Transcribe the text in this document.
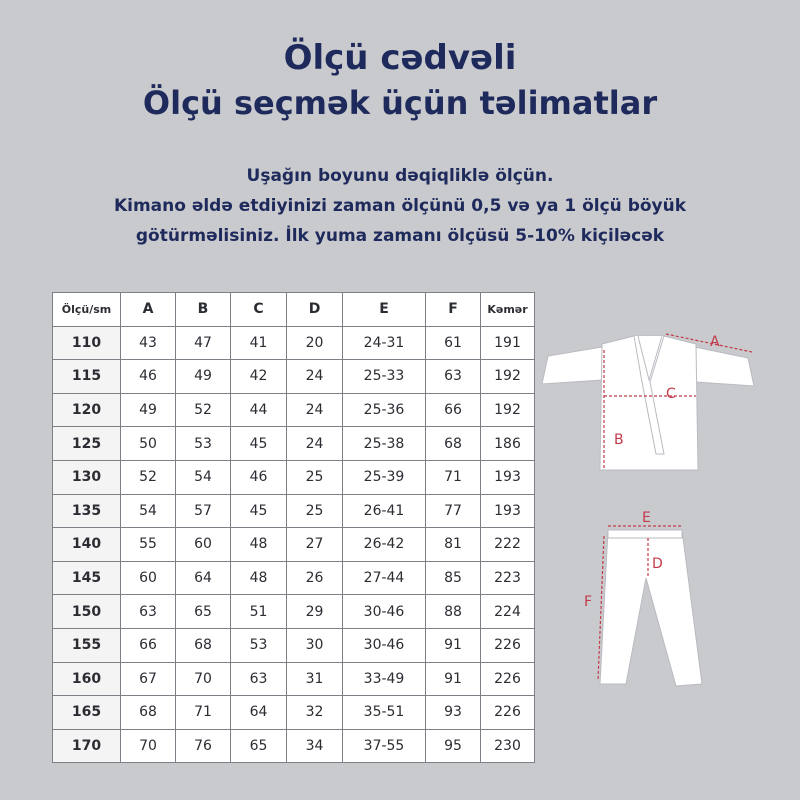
Ölçü cədvəli
Ölçü seçmək üçün təlimatlar

Uşağın boyunu dəqiqliklə ölçün.

Kimano əldə etdiyinizi zaman ölçünü 0,5 və ya 1 ölçü böyük

götürməlisiniz. İlk yuma zamanı ölçüsü 5-10% kiçiləcək

Ölçü/sm	A	B	C	D	E	F	Kəmər
110	43	47	41	20	24-31	61	191
115	46	49	42	24	25-33	63	192
120	49	52	44	24	25-36	66	192
125	50	53	45	24	25-38	68	186
130	52	54	46	25	25-39	71	193
135	54	57	45	25	26-41	77	193
140	55	60	48	27	26-42	81	222
145	60	64	48	26	27-44	85	223
150	63	65	51	29	30-46	88	224
155	66	68	53	30	30-46	91	226
160	67	70	63	31	33-49	91	226
165	68	71	64	32	35-51	93	226
170	70	76	65	34	37-55	95	230
A
C
B
E
D
F
